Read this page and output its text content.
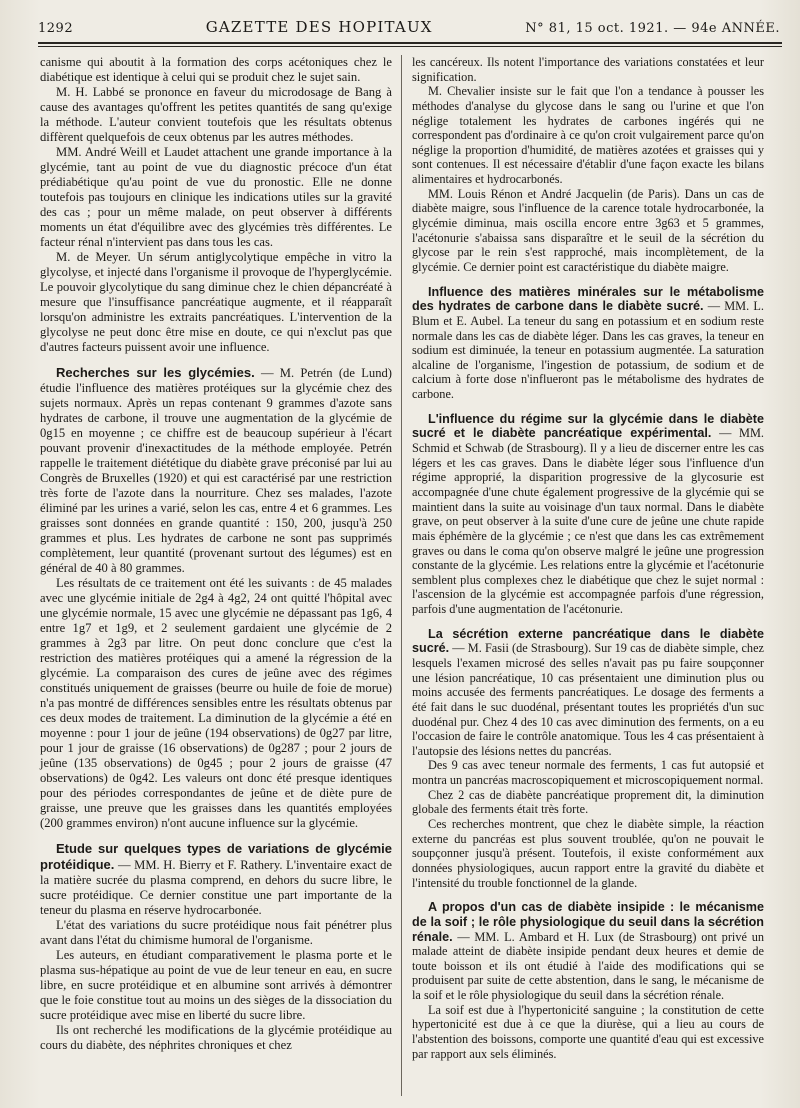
1292	GAZETTE DES HOPITAUX	N° 81, 15 oct. 1921. — 94e ANNÉE.

canisme qui aboutit à la formation des corps acétoniques chez le diabétique est identique à celui qui se produit chez le sujet sain.

M. H. Labbé se prononce en faveur du microdosage de Bang à cause des avantages qu'offrent les petites quantités de sang qu'exige la méthode. L'auteur convient toutefois que les résultats obtenus diffèrent quelquefois de ceux obtenus par les autres méthodes.

MM. André Weill et Laudet attachent une grande importance à la glycémie, tant au point de vue du diagnostic précoce d'un état prédiabétique qu'au point de vue du pronostic. Elle ne donne toutefois pas toujours en clinique les indications utiles sur la gravité des cas ; pour un même malade, on peut observer à différents moments un état d'équilibre avec des glycémies très différentes. Le facteur rénal n'intervient pas dans tous les cas.

M. de Meyer. Un sérum antiglycolytique empêche in vitro la glycolyse, et injecté dans l'organisme il provoque de l'hyperglycémie. Le pouvoir glycolytique du sang diminue chez le chien dépancréaté à mesure que l'insuffisance pancréatique augmente, et il réapparaît lorsqu'on administre les extraits pancréatiques. L'intervention de la glycolyse ne peut donc être mise en doute, ce qui n'exclut pas que d'autres facteurs puissent avoir une influence.

Recherches sur les glycémies. — M. Petrén (de Lund) étudie l'influence des matières protéiques sur la glycémie chez des sujets normaux. Après un repas contenant 9 grammes d'azote sans hydrates de carbone, il trouve une augmentation de la glycémie de 0g15 en moyenne ; ce chiffre est de beaucoup supérieur à l'écart pouvant provenir d'inexactitudes de la méthode employée. Petrén rappelle le traitement diététique du diabète grave préconisé par lui au Congrès de Bruxelles (1920) et qui est caractérisé par une restriction très forte de l'azote dans la nourriture. Chez ses malades, l'azote éliminé par les urines a varié, selon les cas, entre 4 et 6 grammes. Les graisses sont données en grande quantité : 150, 200, jusqu'à 250 grammes et plus. Les hydrates de carbone ne sont pas supprimés complètement, leur quantité (provenant surtout des légumes) est en général de 40 à 80 grammes.

Les résultats de ce traitement ont été les suivants : de 45 malades avec une glycémie initiale de 2g4 à 4g2, 24 ont quitté l'hôpital avec une glycémie normale, 15 avec une glycémie ne dépassant pas 1g6, 4 entre 1g7 et 1g9, et 2 seulement gardaient une glycémie de 2 grammes à 2g3 par litre. On peut donc conclure que c'est la restriction des matières protéiques qui a amené la régression de la glycémie. La comparaison des cures de jeûne avec des régimes constitués uniquement de graisses (beurre ou huile de foie de morue) n'a pas montré de différences sensibles entre les résultats obtenus par ces deux modes de traitement. La diminution de la glycémie a été en moyenne : pour 1 jour de jeûne (194 observations) de 0g27 par litre, pour 1 jour de graisse (16 observations) de 0g287 ; pour 2 jours de jeûne (135 observations) de 0g45 ; pour 2 jours de graisse (47 observations) de 0g42. Les valeurs ont donc été presque identiques pour des périodes correspondantes de jeûne et de diète pure de graisse, une preuve que les graisses dans les quantités employées (200 grammes environ) n'ont aucune influence sur la glycémie.

Etude sur quelques types de variations de glycémie protéidique. — MM. H. Bierry et F. Rathery. L'inventaire exact de la matière sucrée du plasma comprend, en dehors du sucre libre, le sucre protéidique. Ce dernier constitue une part importante de la teneur du plasma en réserve hydrocarbonée.

L'état des variations du sucre protéidique nous fait pénétrer plus avant dans l'état du chimisme humoral de l'organisme.

Les auteurs, en étudiant comparativement le plasma porte et le plasma sus-hépatique au point de vue de leur teneur en eau, en sucre libre, en sucre protéidique et en albumine sont arrivés à démontrer que le foie constitue tout au moins un des sièges de la dissociation du sucre protéidique avec mise en liberté du sucre libre.

Ils ont recherché les modifications de la glycémie protéidique au cours du diabète, des néphrites chroniques et chez

les cancéreux. Ils notent l'importance des variations constatées et leur signification.

M. Chevalier insiste sur le fait que l'on a tendance à pousser les méthodes d'analyse du glycose dans le sang ou l'urine et que l'on néglige totalement les hydrates de carbones ingérés qui ne correspondent pas d'ordinaire à ce qu'on croit vulgairement parce qu'on néglige la proportion d'humidité, de matières azotées et graisses qui y sont contenues. Il est nécessaire d'établir d'une façon exacte les bilans alimentaires et hydrocarbonés.

MM. Louis Rénon et André Jacquelin (de Paris). Dans un cas de diabète maigre, sous l'influence de la carence totale hydrocarbonée, la glycémie diminua, mais oscilla encore entre 3g63 et 5 grammes, l'acétonurie s'abaissa sans disparaître et le seuil de la sécrétion du glycose par le rein s'est rapproché, mais incomplètement, de la glycémie. Ce dernier point est caractéristique du diabète maigre.

Influence des matières minérales sur le métabolisme des hydrates de carbone dans le diabète sucré. — MM. L. Blum et E. Aubel. La teneur du sang en potassium et en sodium reste normale dans les cas de diabète léger. Dans les cas graves, la teneur en sodium est diminuée, la teneur en potassium augmentée. La saturation alcaline de l'organisme, l'ingestion de potassium, de sodium et de calcium à forte dose n'influeront pas le métabolisme des hydrates de carbone.

L'influence du régime sur la glycémie dans le diabète sucré et le diabète pancréatique expérimental. — MM. Schmid et Schwab (de Strasbourg). Il y a lieu de discerner entre les cas légers et les cas graves. Dans le diabète léger sous l'influence d'un régime approprié, la disparition progressive de la glycosurie est accompagnée d'une chute également progressive de la glycémie qui se maintient dans la suite au voisinage d'un taux normal. Dans le diabète grave, on peut observer à la suite d'une cure de jeûne une chute rapide mais éphémère de la glycémie ; ce n'est que dans les cas extrêmement graves ou dans le coma qu'on observe malgré le jeûne une progression constante de la glycémie. Les relations entre la glycémie et l'acétonurie semblent plus complexes chez le diabétique que chez le sujet normal : l'ascension de la glycémie est accompagnée parfois d'une régression, parfois d'une augmentation de l'acétonurie.

La sécrétion externe pancréatique dans le diabète sucré. — M. Fasii (de Strasbourg). Sur 19 cas de diabète simple, chez lesquels l'examen microsé des selles n'avait pas pu faire soupçonner une lésion pancréatique, 10 cas présentaient une diminution plus ou moins accusée des ferments pancréatiques. Le dosage des ferments a été fait dans le suc duodénal, présentant toutes les propriétés d'un suc duodénal pur. Chez 4 des 10 cas avec diminution des ferments, on a eu l'occasion de faire le contrôle anatomique. Tous les 4 cas présentaient à l'autopsie des lésions nettes du pancréas.

Des 9 cas avec teneur normale des ferments, 1 cas fut autopsié et montra un pancréas macroscopiquement et microscopiquement normal.

Chez 2 cas de diabète pancréatique proprement dit, la diminution globale des ferments était très forte.

Ces recherches montrent, que chez le diabète simple, la réaction externe du pancréas est plus souvent troublée, qu'on ne pouvait le soupçonner jusqu'à présent. Toutefois, il existe conformément aux données physiologiques, aucun rapport entre la gravité du diabète et l'intensité du trouble fonctionnel de la glande.

A propos d'un cas de diabète insipide : le mécanisme de la soif ; le rôle physiologique du seuil dans la sécrétion rénale. — MM. L. Ambard et H. Lux (de Strasbourg) ont privé un malade atteint de diabète insipide pendant deux heures et demie de toute boisson et ils ont étudié à l'aide des modifications qui se produisent par suite de cette abstention, dans le sang, le mécanisme de la soif et le rôle physiologique du seuil dans la sécrétion rénale.

La soif est due à l'hypertonicité sanguine ; la constitution de cette hypertonicité est due à ce que la diurèse, qui a lieu au cours de l'abstention des boissons, comporte une quantité d'eau qui est excessive par rapport aux sels éliminés.
